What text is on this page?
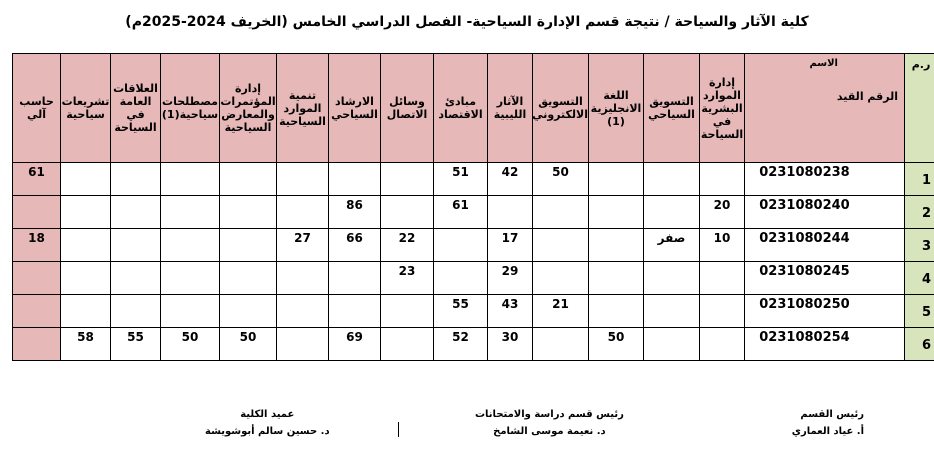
كلية الآثار والسياحة / نتيجة قسم الإدارة السياحية- الفصل الدراسي الخامس (الخريف 2024-2025م)
ر.م	الاسم
الرقم القيد	إدارة الموارد البشرية في السياحة	التسويق السياحي	اللغة الانجليزية (1)	التسويق الالكتروني	الآثار الليبية	مبادئ الاقتصاد	وسائل الاتصال	الارشاد السياحي	تنمية الموارد السياحية	إدارة المؤتمرات والمعارض السياحية	مصطلحات سياحية(1)	العلاقات العامة في السياحة	تشريعات سياحية	حاسب آلي
1	0231080238				50	42	51								61
2	0231080240	20					61		86						
3	0231080244	10	صفر			17		22	66	27					18
4	0231080245					29		23							
5	0231080250				21	43	55								
6	0231080254			50		30	52		69		50	50	55	58	
رئيس القسم
أ. عياد العماري
رئيس قسم دراسة والامتحانات
د. نعيمة موسى الشامخ
عميد الكلية
د. حسين سالم أبوشويشة
